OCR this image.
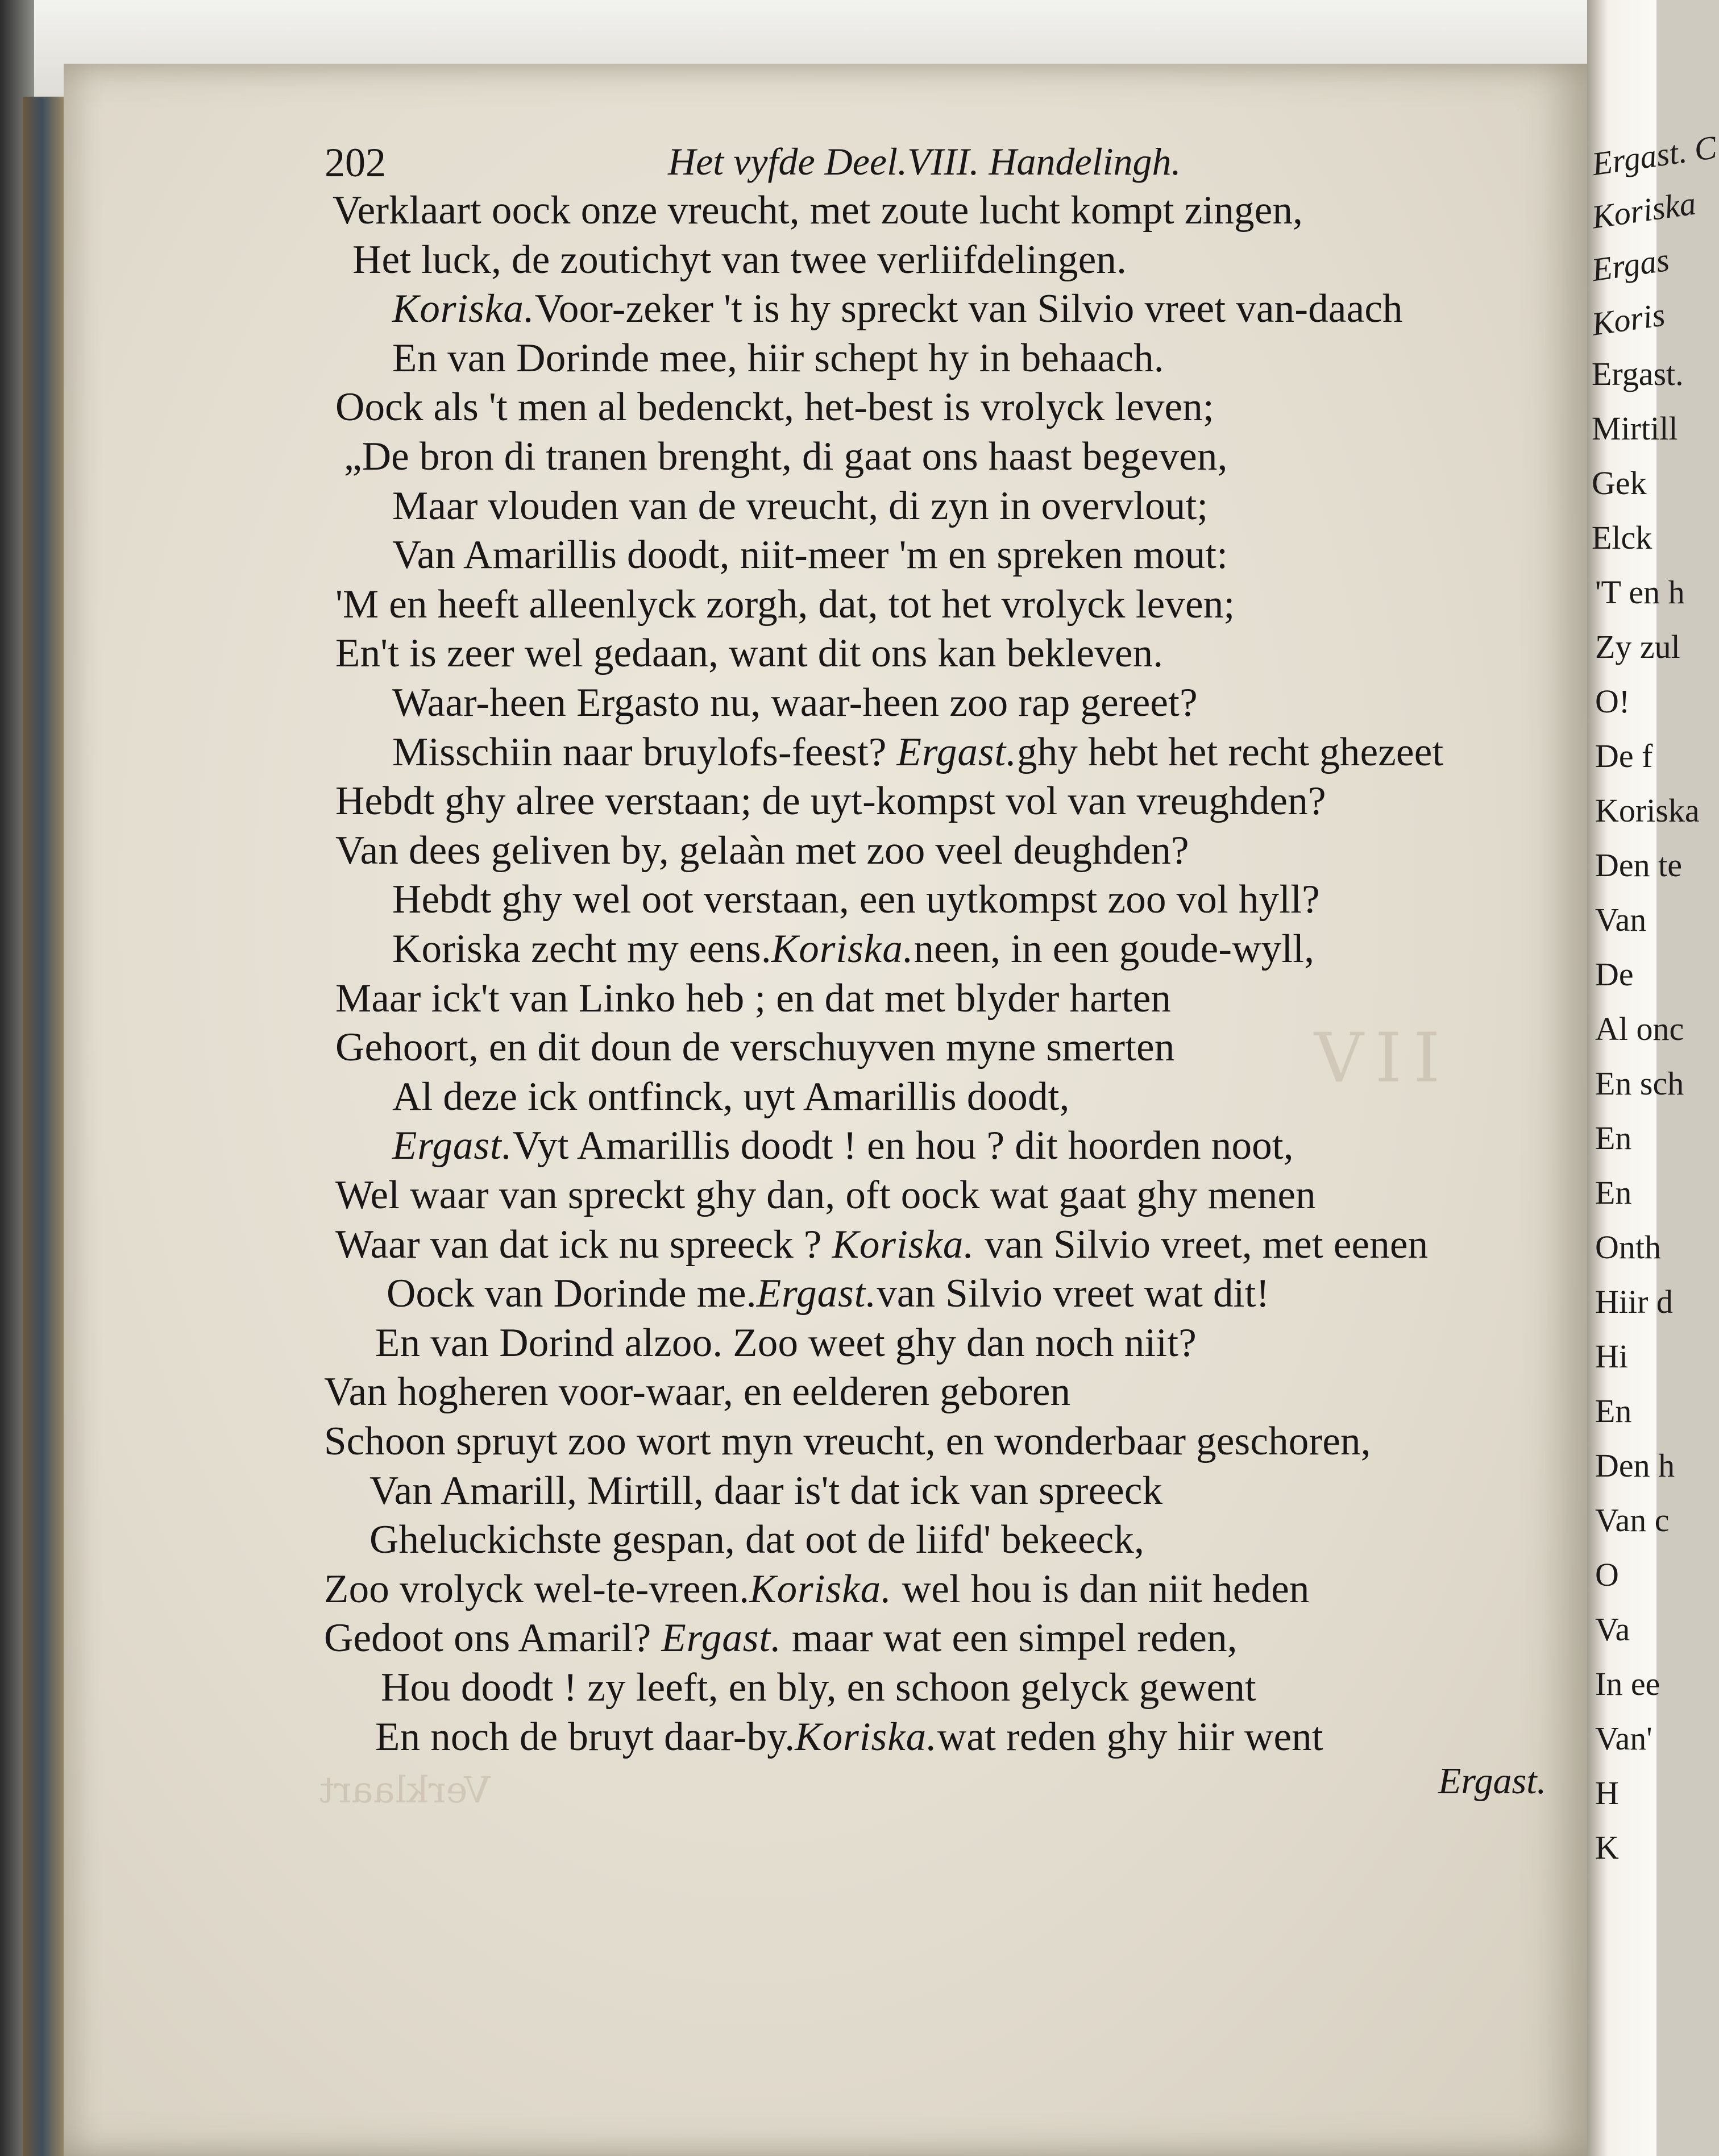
VII
Verklaart
Ergast. C
Koriska
Ergas
Koris
Ergast.
Mirtill
Gek
Elck
'T en h
Zy zul
O!
De f
Koriska
Den te
Van
De
Al onc
En sch
En
En
Onth
Hiir d
Hi
En
Den h
Van c
O
Va
In ee
Van'
H
K
202	Het vyfde Deel.VIII. Handelingh.
Verklaart oock onze vreucht, met zoute lucht kompt zingen,
Het luck, de zoutichyt van twee verliifdelingen.
Koriska.Voor-zeker 't is hy spreckt van Silvio vreet van-daach
En van Dorinde mee, hiir schept hy in behaach.
Oock als 't men al bedenckt, het-best is vrolyck leven;
„De bron di tranen brenght, di gaat ons haast begeven,
Maar vlouden van de vreucht, di zyn in overvlout;
Van Amarillis doodt, niit-meer 'm en spreken mout:
'M en heeft alleenlyck zorgh, dat, tot het vrolyck leven;
En't is zeer wel gedaan, want dit ons kan bekleven.
Waar-heen Ergasto nu, waar-heen zoo rap gereet?
Misschiin naar bruylofs-feest? Ergast.ghy hebt het recht ghezeet
Hebdt ghy alree verstaan; de uyt-kompst vol van vreughden?
Van dees geliven by, gelaàn met zoo veel deughden?
Hebdt ghy wel oot verstaan, een uytkompst zoo vol hyll?
Koriska zecht my eens.Koriska.neen, in een goude-wyll,
Maar ick't van Linko heb ; en dat met blyder harten
Gehoort, en dit doun de verschuyven myne smerten
Al deze ick ontfinck, uyt Amarillis doodt,
Ergast.Vyt Amarillis doodt ! en hou ? dit hoorden noot,
Wel waar van spreckt ghy dan, oft oock wat gaat ghy menen
Waar van dat ick nu spreeck ? Koriska. van Silvio vreet, met eenen
Oock van Dorinde me.Ergast.van Silvio vreet wat dit!
En van Dorind alzoo. Zoo weet ghy dan noch niit?
Van hogheren voor-waar, en eelderen geboren
Schoon spruyt zoo wort myn vreucht, en wonderbaar geschoren,
Van Amarill, Mirtill, daar is't dat ick van spreeck
Gheluckichste gespan, dat oot de liifd' bekeeck,
Zoo vrolyck wel-te-vreen.Koriska. wel hou is dan niit heden
Gedoot ons Amaril? Ergast. maar wat een simpel reden,
Hou doodt ! zy leeft, en bly, en schoon gelyck gewent
En noch de bruyt daar-by.Koriska.wat reden ghy hiir went
Ergast.
